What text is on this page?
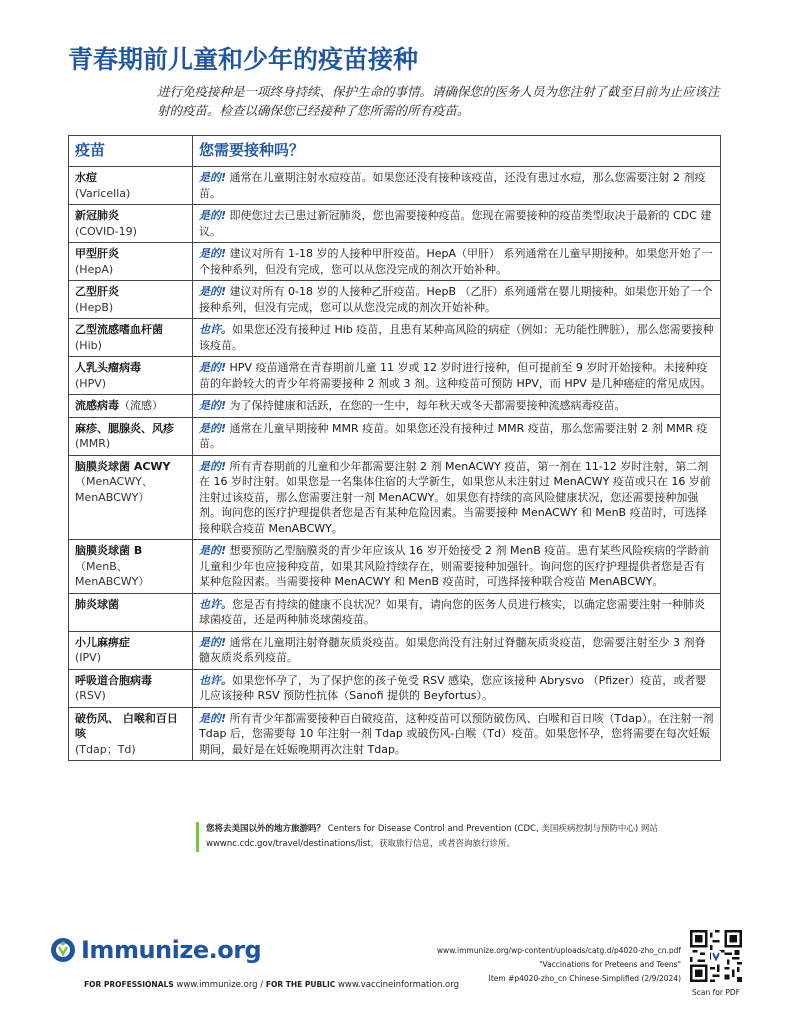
青春期前儿童和少年的疫苗接种
进行免疫接种是一项终身持续、保护生命的事情。请确保您的医务人员为您注射了截至目前为止应该注射的疫苗。检查以确保您已经接种了您所需的所有疫苗。
疫苗	您需要接种吗？

水痘
(Varicella)	是的! 通常在儿童期注射水痘疫苗。如果您还没有接种该疫苗，还没有患过水痘，那么您需要注射 2 剂疫苗。

新冠肺炎
(COVID-19)	是的! 即使您过去已患过新冠肺炎，您也需要接种疫苗。您现在需要接种的疫苗类型取决于最新的 CDC 建议。

甲型肝炎
(HepA)	是的! 建议对所有 1-18 岁的人接种甲肝疫苗。HepA（甲肝） 系列通常在儿童早期接种。如果您开始了一个接种系列，但没有完成，您可以从您没完成的剂次开始补种。

乙型肝炎
(HepB)	是的! 建议对所有 0-18 岁的人接种乙肝疫苗。HepB （乙肝）系列通常在婴儿期接种。如果您开始了一个接种系列，但没有完成，您可以从您没完成的剂次开始补种。

乙型流感嗜血杆菌
(Hib)	也许。如果您还没有接种过 Hib 疫苗，且患有某种高风险的病症（例如：无功能性脾脏），那么您需要接种该疫苗。

人乳头瘤病毒
(HPV)	是的! HPV 疫苗通常在青春期前儿童 11 岁或 12 岁时进行接种，但可提前至 9 岁时开始接种。未接种疫苗的年龄较大的青少年将需要接种 2 剂或 3 剂。这种疫苗可预防 HPV，而 HPV 是几种癌症的常见成因。
流感病毒（流感）	是的! 为了保持健康和活跃，在您的一生中，每年秋天或冬天都需要接种流感病毒疫苗。

麻疹、腮腺炎、风疹
(MMR)	是的! 通常在儿童早期接种 MMR 疫苗。如果您还没有接种过 MMR 疫苗，那么您需要注射 2 剂 MMR 疫苗。

脑膜炎球菌 ACWY
（MenACWY、 MenABCWY）	是的! 所有青春期前的儿童和少年都需要注射 2 剂 MenACWY 疫苗，第一剂在 11-12 岁时注射，第二剂在 16 岁时注射。如果您是一名集体住宿的大学新生，如果您从未注射过 MenACWY 疫苗或只在 16 岁前注射过该疫苗，那么您需要注射一剂 MenACWY。如果您有持续的高风险健康状况，您还需要接种加强剂。询问您的医疗护理提供者您是否有某种危险因素。当需要接种 MenACWY 和 MenB 疫苗时，可选择接种联合疫苗 MenABCWY。

脑膜炎球菌 B
（MenB、 MenABCWY）	是的! 想要预防乙型脑膜炎的青少年应该从 16 岁开始接受 2 剂 MenB 疫苗。患有某些风险疾病的学龄前儿童和少年也应接种疫苗，如果其风险持续存在，则需要接种加强针。询问您的医疗护理提供者您是否有某种危险因素。当需要接种 MenACWY 和 MenB 疫苗时，可选择接种联合疫苗 MenABCWY。

肺炎球菌	也许。您是否有持续的健康不良状况？如果有，请向您的医务人员进行核实，以确定您需要注射一种肺炎球菌疫苗，还是两种肺炎球菌疫苗。

小儿麻痹症
(IPV)	是的! 通常在儿童期注射脊髓灰质炎疫苗。如果您尚没有注射过脊髓灰质炎疫苗，您需要注射至少 3 剂脊髓灰质炎系列疫苗。

呼吸道合胞病毒
(RSV)	也许。如果您怀孕了，为了保护您的孩子免受 RSV 感染，您应该接种 Abrysvo （Pfizer）疫苗，或者婴儿应该接种 RSV 预防性抗体（Sanofi 提供的 Beyfortus）。

破伤风、 白喉和百日咳
(Tdap；Td)	是的! 所有青少年都需要接种百白破疫苗，这种疫苗可以预防破伤风、白喉和百日咳（Tdap）。在注射一剂 Tdap 后，您需要每 10 年注射一剂 Tdap 或破伤风-白喉（Td）疫苗。如果您怀孕，您将需要在每次妊娠期间，最好是在妊娠晚期再次注射 Tdap。
您将去美国以外的地方旅游吗？ Centers for Disease Control and Prevention (CDC, 美国疾病控制与预防中心) 网站 wwwnc.cdc.gov/travel/destinations/list，获取旅行信息，或者咨询旅行诊所。
Immunize.org
FOR PROFESSIONALS www.immunize.org / FOR THE PUBLIC www.vaccineinformation.org
www.immunize.org/wp-content/uploads/catg.d/p4020-zho_cn.pdf
"Vaccinations for Preteens and Teens"
Item #p4020-zho_cn Chinese-Simplified (2/9/2024)
Scan for PDF
